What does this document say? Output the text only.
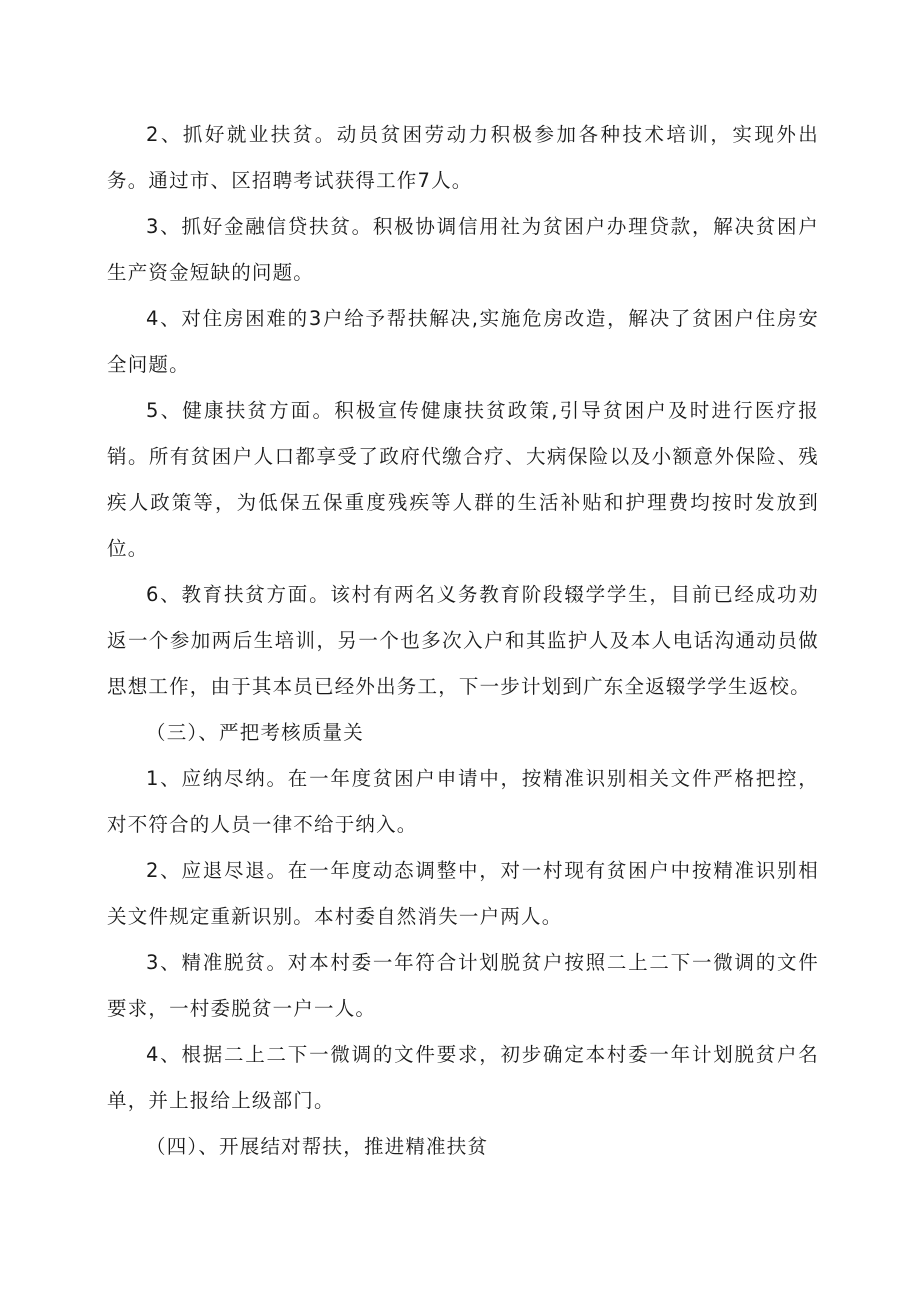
2、抓好就业扶贫。动员贫困劳动力积极参加各种技术培训，实现外出务。通过市、区招聘考试获得工作7人。

3、抓好金融信贷扶贫。积极协调信用社为贫困户办理贷款，解决贫困户生产资金短缺的问题。

4、对住房困难的3户给予帮扶解决,实施危房改造，解决了贫困户住房安全问题。

5、健康扶贫方面。积极宣传健康扶贫政策,引导贫困户及时进行医疗报销。所有贫困户人口都享受了政府代缴合疗、大病保险以及小额意外保险、残疾人政策等，为低保五保重度残疾等人群的生活补贴和护理费均按时发放到位。

6、教育扶贫方面。该村有两名义务教育阶段辍学学生，目前已经成功劝返一个参加两后生培训，另一个也多次入户和其监护人及本人电话沟通动员做思想工作，由于其本员已经外出务工，下一步计划到广东全返辍学学生返校。

（三）、严把考核质量关

1、应纳尽纳。在一年度贫困户申请中，按精准识别相关文件严格把控，对不符合的人员一律不给于纳入。

2、应退尽退。在一年度动态调整中，对一村现有贫困户中按精准识别相关文件规定重新识别。本村委自然消失一户两人。

3、精准脱贫。对本村委一年符合计划脱贫户按照二上二下一微调的文件要求，一村委脱贫一户一人。

4、根据二上二下一微调的文件要求，初步确定本村委一年计划脱贫户名单，并上报给上级部门。

（四）、开展结对帮扶，推进精准扶贫
